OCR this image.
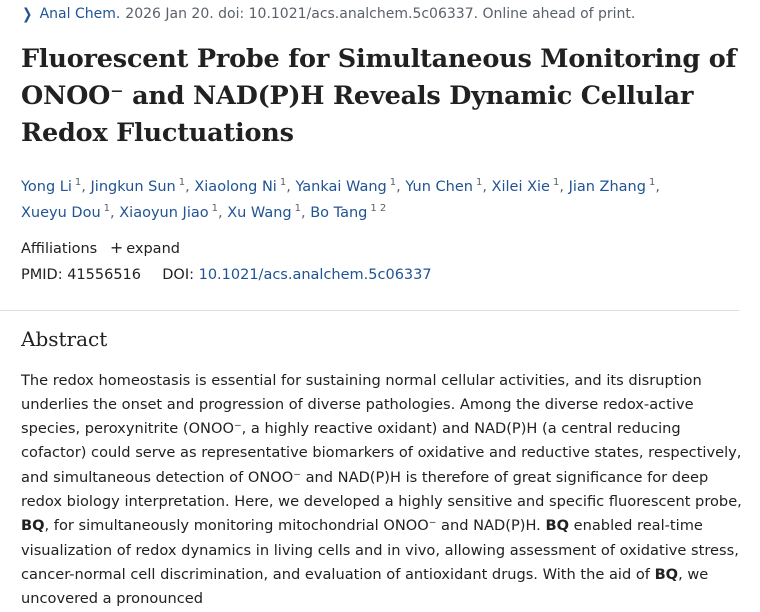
❯ Anal Chem. 2026 Jan 20. doi: 10.1021/acs.analchem.5c06337. Online ahead of print.
Fluorescent Probe for Simultaneous Monitoring of ONOO⁻ and NAD(P)H Reveals Dynamic Cellular Redox Fluctuations
Yong Li $^1$, Jingkun Sun $^1$, Xiaolong Ni $^1$, Yankai Wang $^1$, Yun Chen $^1$, Xilei Xie $^1$, Jian Zhang $^1$, Xueyu Dou $^1$, Xiaoyun Jiao $^1$, Xu Wang $^1$, Bo Tang $^{1 2}$
Affiliations + expand
PMID: 41556516 DOI: 10.1021/acs.analchem.5c06337
Abstract

The redox homeostasis is essential for sustaining normal cellular activities, and its disruption underlies the onset and progression of diverse pathologies. Among the diverse redox-active species, peroxynitrite (ONOO⁻, a highly reactive oxidant) and NAD(P)H (a central reducing cofactor) could serve as representative biomarkers of oxidative and reductive states, respectively, and simultaneous detection of ONOO⁻ and NAD(P)H is therefore of great significance for deep redox biology interpretation. Here, we developed a highly sensitive and specific fluorescent probe, BQ, for simultaneously monitoring mitochondrial ONOO⁻ and NAD(P)H. BQ enabled real-time visualization of redox dynamics in living cells and in vivo, allowing assessment of oxidative stress, cancer-normal cell discrimination, and evaluation of antioxidant drugs. With the aid of BQ, we uncovered a pronounced
